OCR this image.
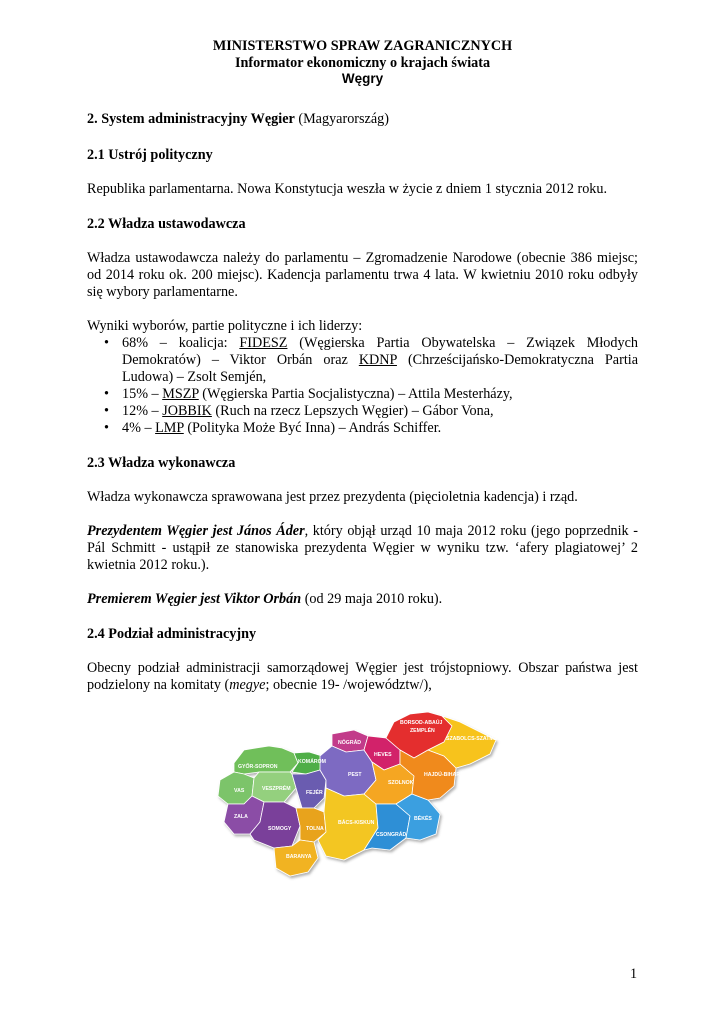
MINISTERSTWO SPRAW ZAGRANICZNYCH
Informator ekonomiczny o krajach świata
Węgry
2. System administracyjny Węgier (Magyarország)
2.1 Ustrój polityczny

Republika parlamentarna. Nowa Konstytucja weszła w życie z dniem 1 stycznia 2012 roku.

2.2 Władza ustawodawcza

Władza ustawodawcza należy do parlamentu – Zgromadzenie Narodowe (obecnie 386 miejsc; od 2014 roku ok. 200 miejsc). Kadencja parlamentu trwa 4 lata. W kwietniu 2010 roku odbyły się wybory parlamentarne.

Wyniki wyborów, partie polityczne i ich liderzy:

• 68% – koalicja: FIDESZ (Węgierska Partia Obywatelska – Związek Młodych Demokratów) – Viktor Orbán oraz KDNP (Chrześcijańsko-Demokratyczna Partia Ludowa) – Zsolt Semjén,
• 15% – MSZP (Węgierska Partia Socjalistyczna) – Attila Mesterházy,
• 12% – JOBBIK (Ruch na rzecz Lepszych Węgier) – Gábor Vona,
• 4% – LMP (Polityka Może Być Inna) – András Schiffer.
2.3 Władza wykonawcza

Władza wykonawcza sprawowana jest przez prezydenta (pięcioletnia kadencja) i rząd.

Prezydentem Węgier jest János Áder, który objął urząd 10 maja 2012 roku (jego poprzednik - Pál Schmitt - ustąpił ze stanowiska prezydenta Węgier w wyniku tzw. ‘afery plagiatowej’ 2 kwietnia 2012 roku.).

Premierem Węgier jest Viktor Orbán (od 29 maja 2010 roku).

2.4 Podział administracyjny

Obecny podział administracji samorządowej Węgier jest trójstopniowy. Obszar państwa jest podzielony na komitaty (megye; obecnie 19- /województw/),

GYŐR-SOPRON
KOMÁROM
VAS	VESZPRÉM
FEJÉR
ZALA
SOMOGY	TOLNA
BARANYA
NÓGRÁD
HEVES
PEST
BÁCS-KISKUN
SZOLNOK
CSONGRÁD
BÉKÉS
HAJDÚ-BIHAR
SZABOLCS-SZATMÁR
BORSOD-ABAÚJ
ZEMPLÉN
1
